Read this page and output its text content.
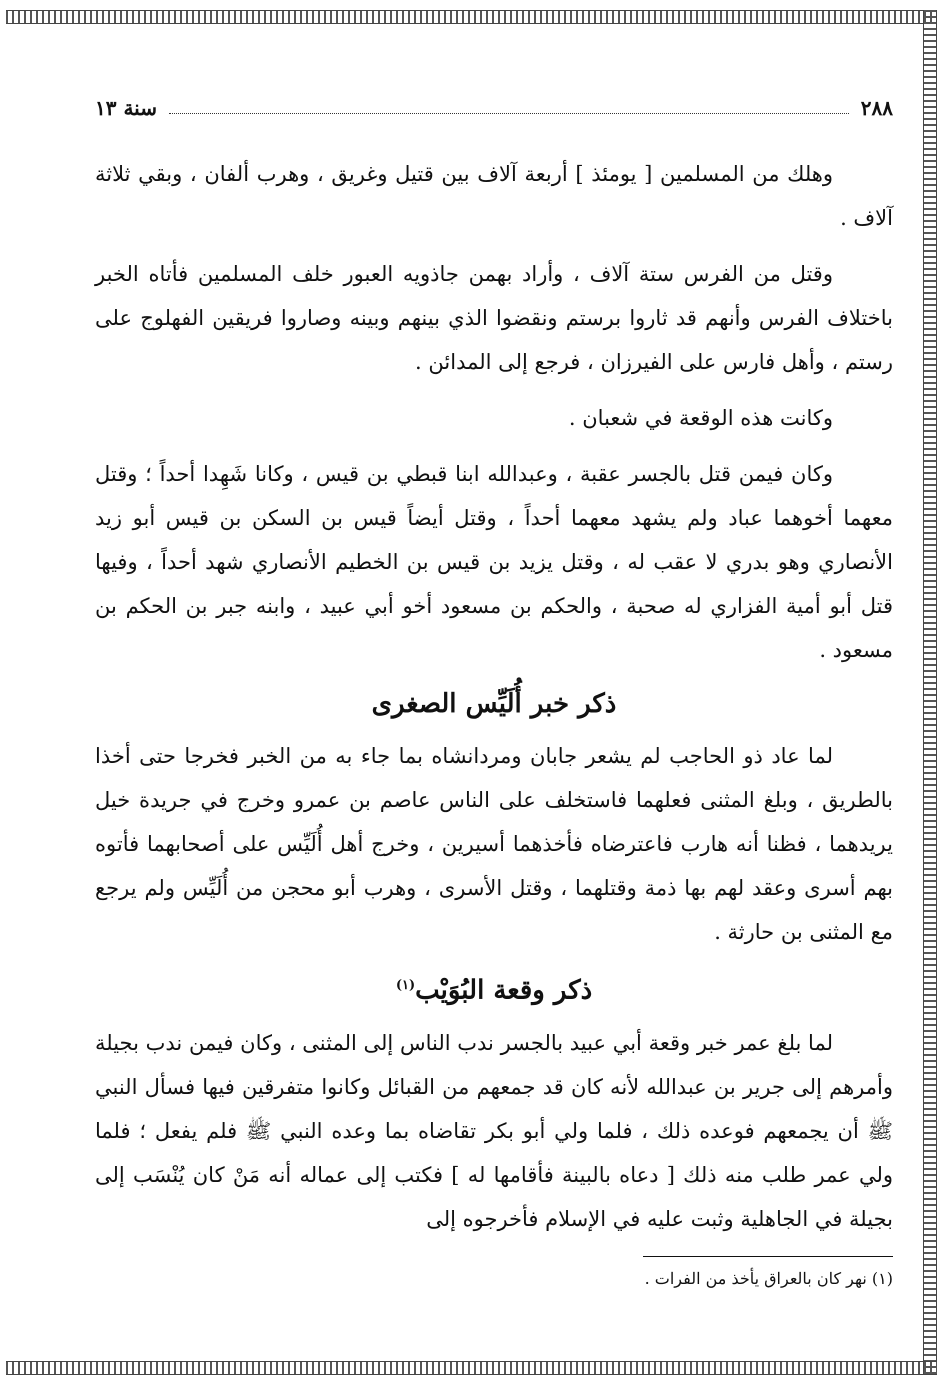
٢٨٨
سنة ١٣

وهلك من المسلمين [ يومئذ ] أربعة آلاف بين قتيل وغريق ، وهرب ألفان ، وبقي ثلاثة آلاف .

وقتل من الفرس ستة آلاف ، وأراد بهمن جاذويه العبور خلف المسلمين فأتاه الخبر باختلاف الفرس وأنهم قد ثاروا برستم ونقضوا الذي بينهم وبينه وصاروا فريقين الفهلوج على رستم ، وأهل فارس على الفيرزان ، فرجع إلى المدائن .

وكانت هذه الوقعة في شعبان .

وكان فيمن قتل بالجسر عقبة ، وعبدالله ابنا قبطي بن قيس ، وكانا شَهِدا أحداً ؛ وقتل معهما أخوهما عباد ولم يشهد معهما أحداً ، وقتل أيضاً قيس بن السكن بن قيس أبو زيد الأنصاري وهو بدري لا عقب له ، وقتل يزيد بن قيس بن الخطيم الأنصاري شهد أحداً ، وفيها قتل أبو أمية الفزاري له صحبة ، والحكم بن مسعود أخو أبي عبيد ، وابنه جبر بن الحكم بن مسعود .

ذكر خبر أُلَيِّس الصغرى

لما عاد ذو الحاجب لم يشعر جابان ومردانشاه بما جاء به من الخبر فخرجا حتى أخذا بالطريق ، وبلغ المثنى فعلهما فاستخلف على الناس عاصم بن عمرو وخرج في جريدة خيل يريدهما ، فظنا أنه هارب فاعترضاه فأخذهما أسيرين ، وخرج أهل أُلَيِّس على أصحابهما فأتوه بهم أسرى وعقد لهم بها ذمة وقتلهما ، وقتل الأسرى ، وهرب أبو محجن من أُلَيِّس ولم يرجع مع المثنى بن حارثة .

ذكر وقعة البُوَيْب$^{(١)}$

لما بلغ عمر خبر وقعة أبي عبيد بالجسر ندب الناس إلى المثنى ، وكان فيمن ندب بجيلة وأمرهم إلى جرير بن عبدالله لأنه كان قد جمعهم من القبائل وكانوا متفرقين فيها فسأل النبي ﷺ أن يجمعهم فوعده ذلك ، فلما ولي أبو بكر تقاضاه بما وعده النبي ﷺ فلم يفعل ؛ فلما ولي عمر طلب منه ذلك [ دعاه بالبينة فأقامها له ] فكتب إلى عماله أنه مَنْ كان يُنْسَب إلى بجيلة في الجاهلية وثبت عليه في الإسلام فأخرجوه إلى

(١) نهر كان بالعراق يأخذ من الفرات .
